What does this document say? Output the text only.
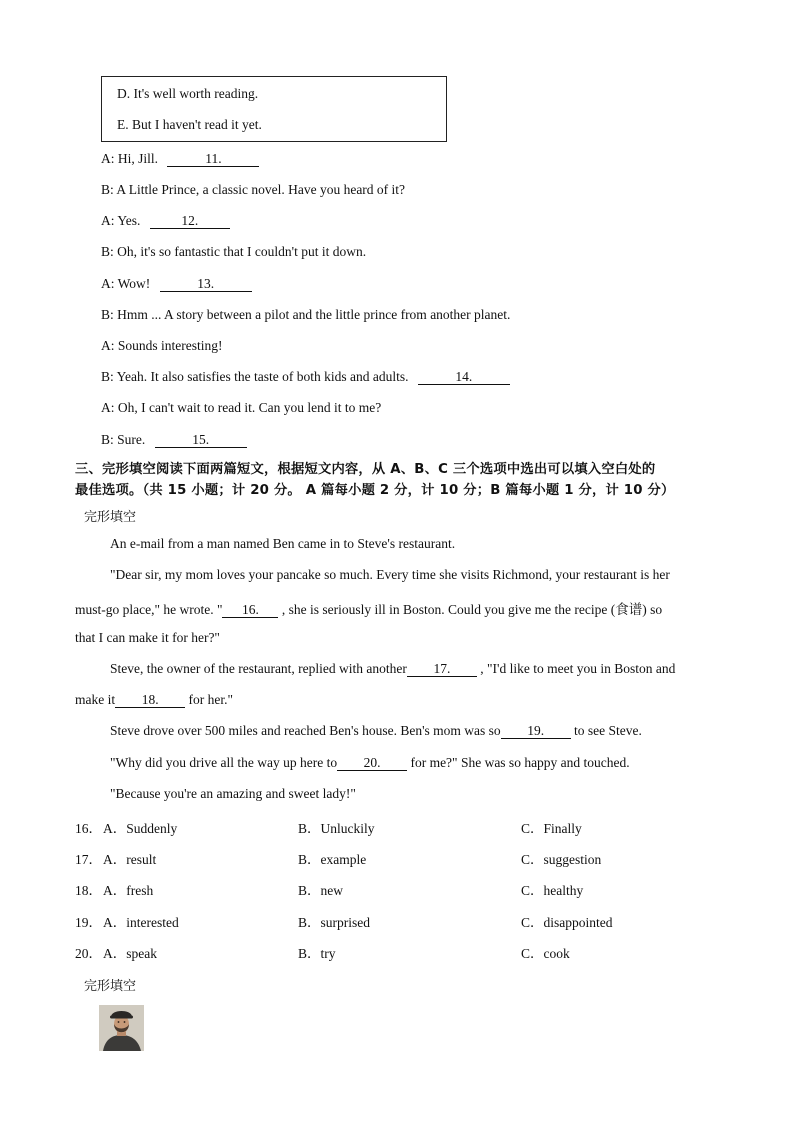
D. It's well worth reading.
E. But I haven't read it yet.
A: Hi, Jill.	11.
B: A Little Prince, a classic novel. Have you heard of it?
A: Yes.	12.
B: Oh, it's so fantastic that I couldn't put it down.
A: Wow!	13.
B: Hmm ... A story between a pilot and the little prince from another planet.
A: Sounds interesting!
B: Yeah. It also satisfies the taste of both kids and adults.	14.
A: Oh, I can't wait to read it. Can you lend it to me?
B: Sure.	15.
三、完形填空阅读下面两篇短文，根据短文内容，从 A、B、C 三个选项中选出可以填入空白处的
最佳选项。（共 15 小题；计 20 分。 A 篇每小题 2 分，计 10 分；B 篇每小题 1 分，计 10 分）
完形填空
An e-mail from a man named Ben came in to Steve's restaurant.
"Dear sir, my mom loves your pancake so much. Every time she visits Richmond, your restaurant is her
must-go place," he wrote. " 16. , she is seriously ill in Boston. Could you give me the recipe (食谱) so
that I can make it for her?"
Steve, the owner of the restaurant, replied with another 17. , "I'd like to meet you in Boston and
make it 18. for her."
Steve drove over 500 miles and reached Ben's house. Ben's mom was so 19. to see Steve.
"Why did you drive all the way up here to 20. for me?" She was so happy and touched.
"Because you're an amazing and sweet lady!"
16． A．Suddenly	B．Unluckily	C．Finally
17． A．result	B．example	C．suggestion
18． A．fresh	B．new	C．healthy
19． A．interested	B．surprised	C．disappointed
20． A．speak	B．try	C．cook
完形填空
